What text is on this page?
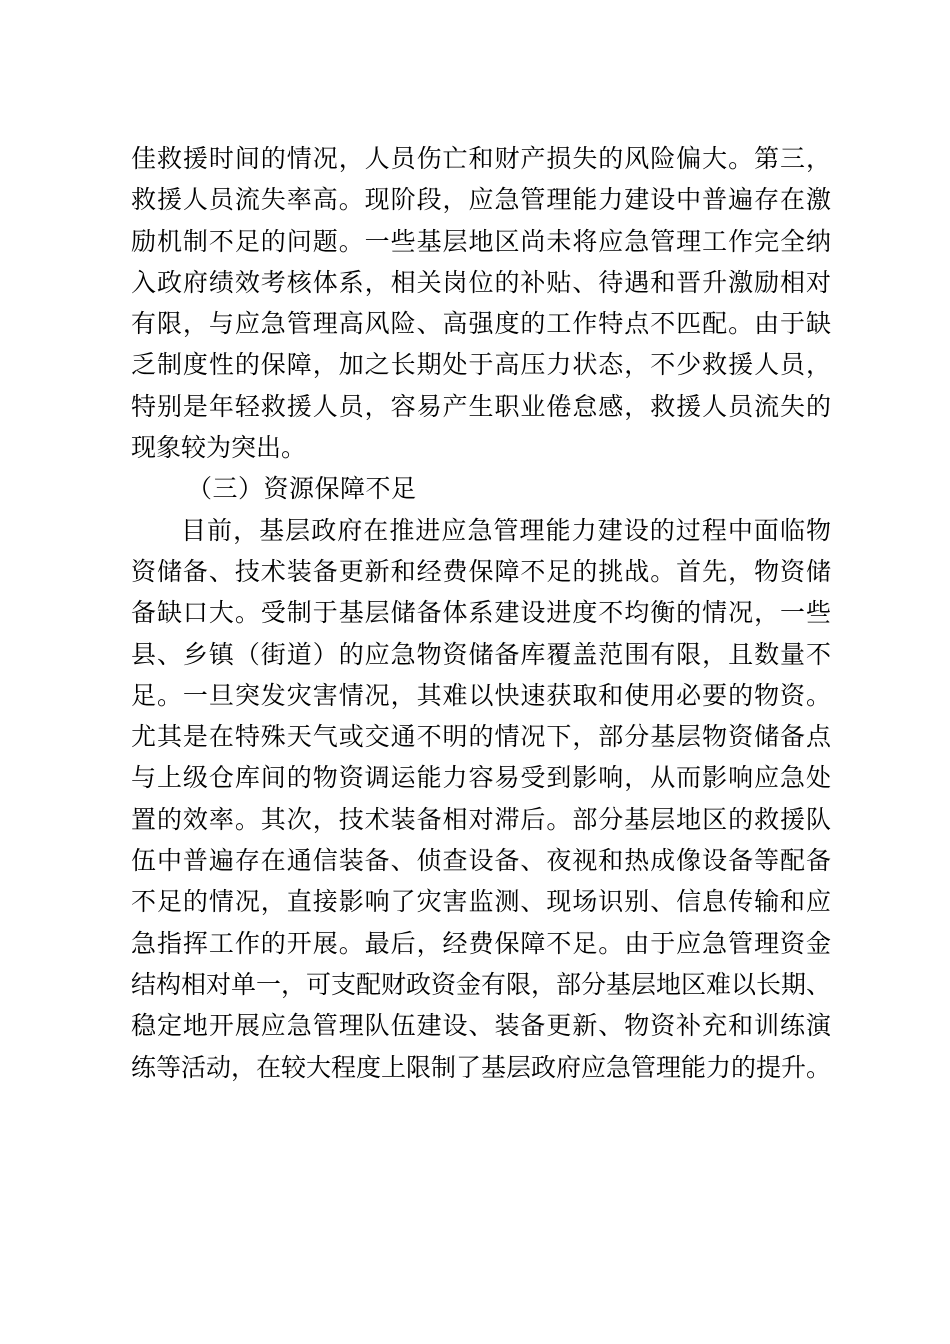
佳救援时间的情况，人员伤亡和财产损失的风险偏大。第三，
救援人员流失率高。现阶段，应急管理能力建设中普遍存在激
励机制不足的问题。一些基层地区尚未将应急管理工作完全纳
入政府绩效考核体系，相关岗位的补贴、待遇和晋升激励相对
有限，与应急管理高风险、高强度的工作特点不匹配。由于缺
乏制度性的保障，加之长期处于高压力状态，不少救援人员，
特别是年轻救援人员，容易产生职业倦怠感，救援人员流失的
现象较为突出。
（三）资源保障不足
目前，基层政府在推进应急管理能力建设的过程中面临物
资储备、技术装备更新和经费保障不足的挑战。首先，物资储
备缺口大。受制于基层储备体系建设进度不均衡的情况，一些
县、乡镇（街道）的应急物资储备库覆盖范围有限，且数量不
足。一旦突发灾害情况，其难以快速获取和使用必要的物资。
尤其是在特殊天气或交通不明的情况下，部分基层物资储备点
与上级仓库间的物资调运能力容易受到影响，从而影响应急处
置的效率。其次，技术装备相对滞后。部分基层地区的救援队
伍中普遍存在通信装备、侦查设备、夜视和热成像设备等配备
不足的情况，直接影响了灾害监测、现场识别、信息传输和应
急指挥工作的开展。最后，经费保障不足。由于应急管理资金
结构相对单一，可支配财政资金有限，部分基层地区难以长期、
稳定地开展应急管理队伍建设、装备更新、物资补充和训练演
练等活动，在较大程度上限制了基层政府应急管理能力的提升。
